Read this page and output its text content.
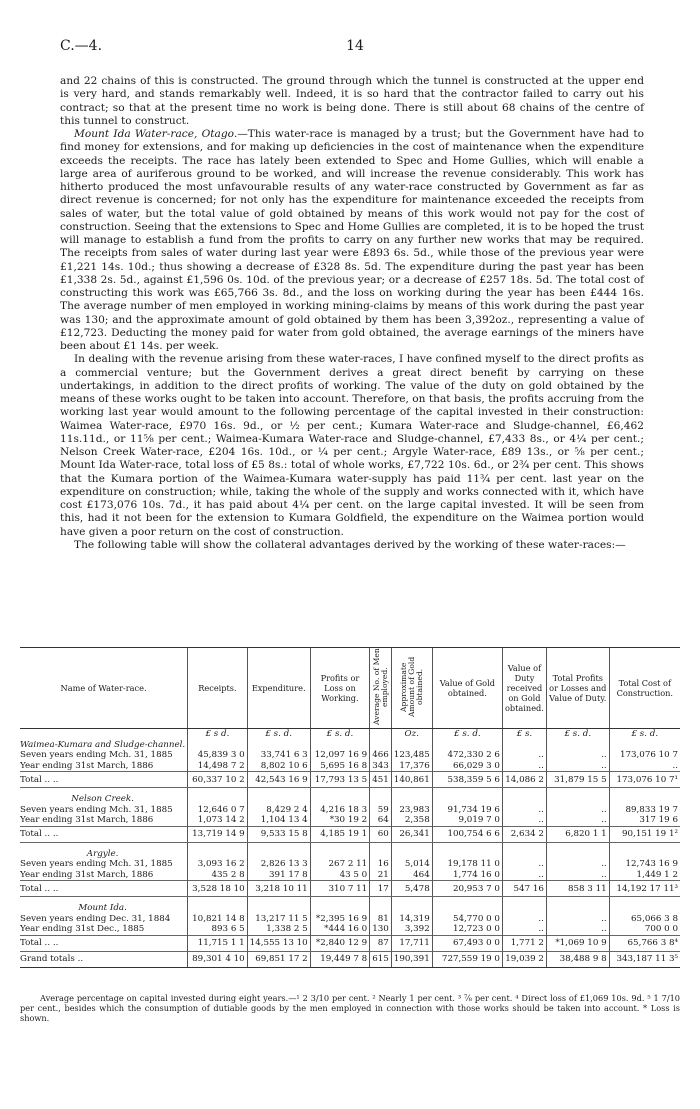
C.—4.	14

and 22 chains of this is constructed. The ground through which the tunnel is constructed at the upper end is very hard, and stands remarkably well. Indeed, it is so hard that the contractor failed to carry out his contract; so that at the present time no work is being done. There is still about 68 chains of the centre of this tunnel to construct.

Mount Ida Water-race, Otago.—This water-race is managed by a trust; but the Government have had to find money for extensions, and for making up deficiencies in the cost of maintenance when the expenditure exceeds the receipts. The race has lately been extended to Spec and Home Gullies, which will enable a large area of auriferous ground to be worked, and will increase the revenue considerably. This work has hitherto produced the most unfavourable results of any water-race constructed by Government as far as direct revenue is concerned; for not only has the expenditure for maintenance exceeded the receipts from sales of water, but the total value of gold obtained by means of this work would not pay for the cost of construction. Seeing that the extensions to Spec and Home Gullies are completed, it is to be hoped the trust will manage to establish a fund from the profits to carry on any further new works that may be required. The receipts from sales of water during last year were £893 6s. 5d., while those of the previous year were £1,221 14s. 10d.; thus showing a decrease of £328 8s. 5d. The expenditure during the past year has been £1,338 2s. 5d., against £1,596 0s. 10d. of the previous year; or a decrease of £257 18s. 5d. The total cost of constructing this work was £65,766 3s. 8d., and the loss on working during the year has been £444 16s. The average number of men employed in working mining-claims by means of this work during the past year was 130; and the approximate amount of gold obtained by them has been 3,392oz., representing a value of £12,723. Deducting the money paid for water from gold obtained, the average earnings of the miners have been about £1 14s. per week.

In dealing with the revenue arising from these water-races, I have confined myself to the direct profits as a commercial venture; but the Government derives a great direct benefit by carrying on these undertakings, in addition to the direct profits of working. The value of the duty on gold obtained by the means of these works ought to be taken into account. Therefore, on that basis, the profits accruing from the working last year would amount to the following percentage of the capital invested in their construction: Waimea Water-race, £970 16s. 9d., or ½ per cent.; Kumara Water-race and Sludge-channel, £6,462 11s.11d., or 11⅝ per cent.; Waimea-Kumara Water-race and Sludge-channel, £7,433 8s., or 4¼ per cent.; Nelson Creek Water-race, £204 16s. 10d., or ¼ per cent.; Argyle Water-race, £89 13s., or ⅝ per cent.; Mount Ida Water-race, total loss of £5 8s.: total of whole works, £7,722 10s. 6d., or 2¾ per cent. This shows that the Kumara portion of the Waimea-Kumara water-supply has paid 11¾ per cent. last year on the expenditure on construction; while, taking the whole of the supply and works connected with it, which have cost £173,076 10s. 7d., it has paid about 4¼ per cent. on the large capital invested. It will be seen from this, had it not been for the extension to Kumara Goldfield, the expenditure on the Waimea portion would have given a poor return on the cost of construction.

The following table will show the collateral advantages derived by the working of these water-races:—

Name of Water-race.	Receipts.	Expenditure.	Profits or Loss on Working.	Average No. of Men employed.	Approximate Amount of Gold obtained.	Value of Gold obtained.	Value of Duty received on Gold obtained.	Total Profits or Losses and Value of Duty.	Total Cost of Construction.
	£ s d.	£ s. d.	£ s. d.		Oz.	£ s. d.	£ s.	£ s. d.	£ s. d.
Waimea-Kumara and Sludge-channel.									
Seven years ending Mch. 31, 1885	45,839 3 0	33,741 6 3	12,097 16 9	466	123,485	472,330 2 6	..	..	173,076 10 7
Year ending 31st March, 1886	14,498 7 2	8,802 10 6	5,695 16 8	343	17,376	66,029 3 0	..	..	..
Total .. ..	60,337 10 2	42,543 16 9	17,793 13 5	451	140,861	538,359 5 6	14,086 2	31,879 15 5	173,076 10 7¹

Nelson Creek.									
Seven years ending Mch. 31, 1885	12,646 0 7	8,429 2 4	4,216 18 3	59	23,983	91,734 19 6	..	..	89,833 19 7
Year ending 31st March, 1886	1,073 14 2	1,104 13 4	*30 19 2	64	2,358	9,019 7 0	..	..	317 19 6
Total .. ..	13,719 14 9	9,533 15 8	4,185 19 1	60	26,341	100,754 6 6	2,634 2	6,820 1 1	90,151 19 1²

Argyle.									
Seven years ending Mch. 31, 1885	3,093 16 2	2,826 13 3	267 2 11	16	5,014	19,178 11 0	..	..	12,743 16 9
Year ending 31st March, 1886	435 2 8	391 17 8	43 5 0	21	464	1,774 16 0	..	..	1,449 1 2
Total .. ..	3,528 18 10	3,218 10 11	310 7 11	17	5,478	20,953 7 0	547 16	858 3 11	14,192 17 11³

Mount Ida.									
Seven years ending Dec. 31, 1884	10,821 14 8	13,217 11 5	*2,395 16 9	81	14,319	54,770 0 0	..	..	65,066 3 8
Year ending 31st Dec., 1885	893 6 5	1,338 2 5	*444 16 0	130	3,392	12,723 0 0	..	..	700 0 0
Total .. ..	11,715 1 1	14,555 13 10	*2,840 12 9	87	17,711	67,493 0 0	1,771 2	*1,069 10 9	65,766 3 8⁴
Grand totals ..	89,301 4 10	69,851 17 2	19,449 7 8	615	190,391	727,559 19 0	19,039 2	38,488 9 8	343,187 11 3⁵
Average percentage on capital invested during eight years.—¹ 2 3/10 per cent. ² Nearly 1 per cent. ³ ⅞ per cent. ⁴ Direct loss of £1,069 10s. 9d. ⁵ 1 7/10 per cent., besides which the consumption of dutiable goods by the men employed in connection with those works should be taken into account. * Loss is shown.
